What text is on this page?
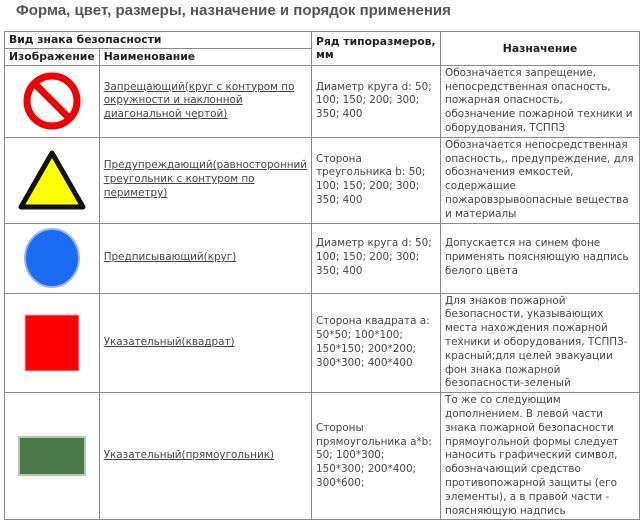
Форма, цвет, размеры, назначение и порядок применения
Вид знака безопасности		Ряд типоразмеров, мм	Назначение
Изображение	Наименование		

	Запрещающий(круг с контуром по окружности и наклонной диагональной чертой)	Диаметр круга d: 50; 100; 150; 200; 300; 350; 400	Обозначается запрещение, непосредственная опасность, пожарная опасность, обозначение пожарной техники и оборудования, ТСППЗ

	Предупреждающий(равносторонний треугольник с контуром по периметру)	Сторона треугольника b: 50; 100; 150; 200; 300; 350; 400	Обозначается непосредственная опасность,, предупреждение, для обозначения емкостей, содержащие пожаровзрывоопасные вещества и материалы

	Предписывающий(круг)	Диаметр круга d: 50; 100; 150; 200; 300; 350; 400	Допускается на синем фоне применять поясняющую надпись белого цвета

	Указательный(квадрат)	Сторона квадрата a: 50*50; 100*100; 150*150; 200*200; 300*300; 400*400	Для знаков пожарной безопасности, указывающих места нахождения пожарной техники и оборудования, ТСППЗ-красный;для целей эвакуации фон знака пожарной безопасности-зеленый

	Указательный(прямоугольник)	Стороны прямоугольника a*b: 50; 100*300; 150*300; 200*400; 300*600;	То же со следующим дополнением. В левой части знака пожарной безопасности прямоугольной формы следует наносить графический символ, обозначающий средство противопожарной защиты (его элементы), а в правой части - поясняющую надпись
